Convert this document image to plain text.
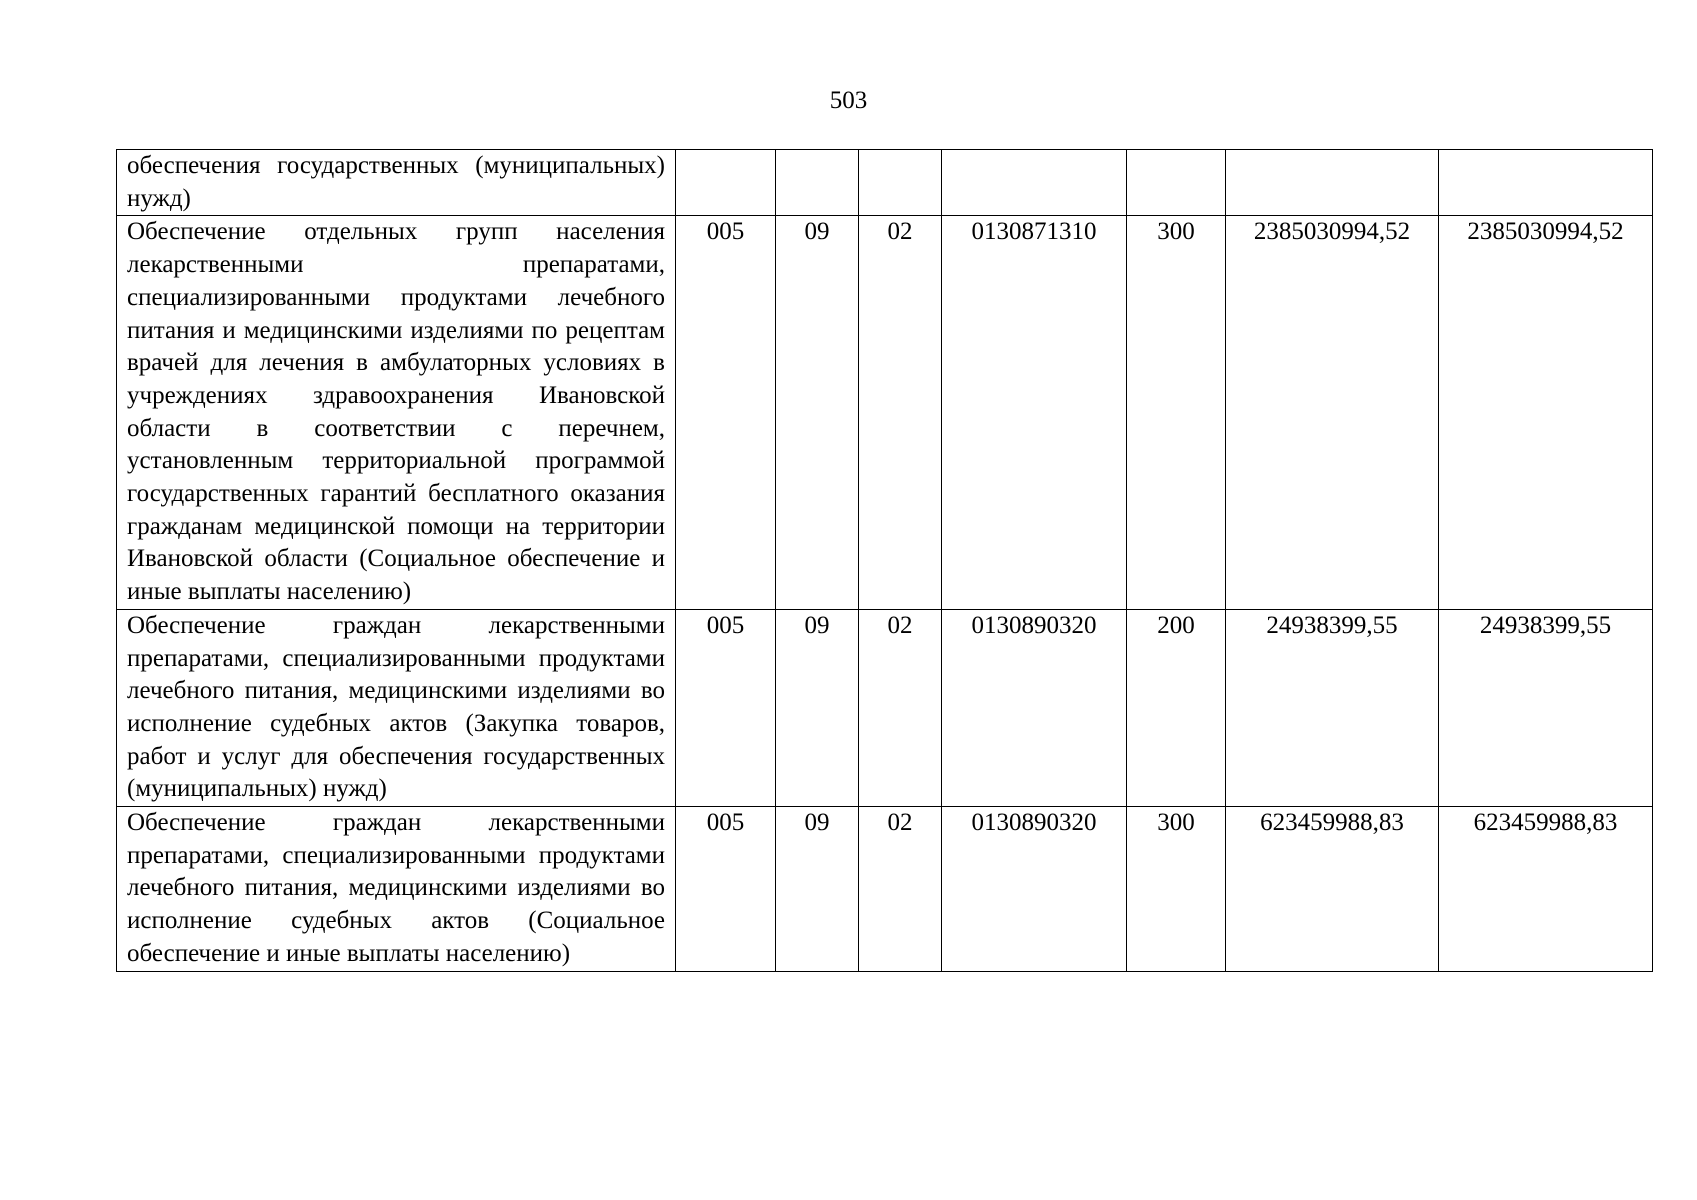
503
обеспечения государственных (муниципальных) нужд)							
Обеспечение отдельных групп населения лекарственными препаратами, специализированными продуктами лечебного питания и медицинскими изделиями по рецептам врачей для лечения в амбулаторных условиях в учреждениях здравоохранения Ивановской области в соответствии с перечнем, установленным территориальной программой государственных гарантий бесплатного оказания гражданам медицинской помощи на территории Ивановской области (Социальное обеспечение и иные выплаты населению)	005	09	02	0130871310	300	2385030994,52	2385030994,52
Обеспечение граждан лекарственными препаратами, специализированными продуктами лечебного питания, медицинскими изделиями во исполнение судебных актов (Закупка товаров, работ и услуг для обеспечения государственных (муниципальных) нужд)	005	09	02	0130890320	200	24938399,55	24938399,55
Обеспечение граждан лекарственными препаратами, специализированными продуктами лечебного питания, медицинскими изделиями во исполнение судебных актов (Социальное обеспечение и иные выплаты населению)	005	09	02	0130890320	300	623459988,83	623459988,83
